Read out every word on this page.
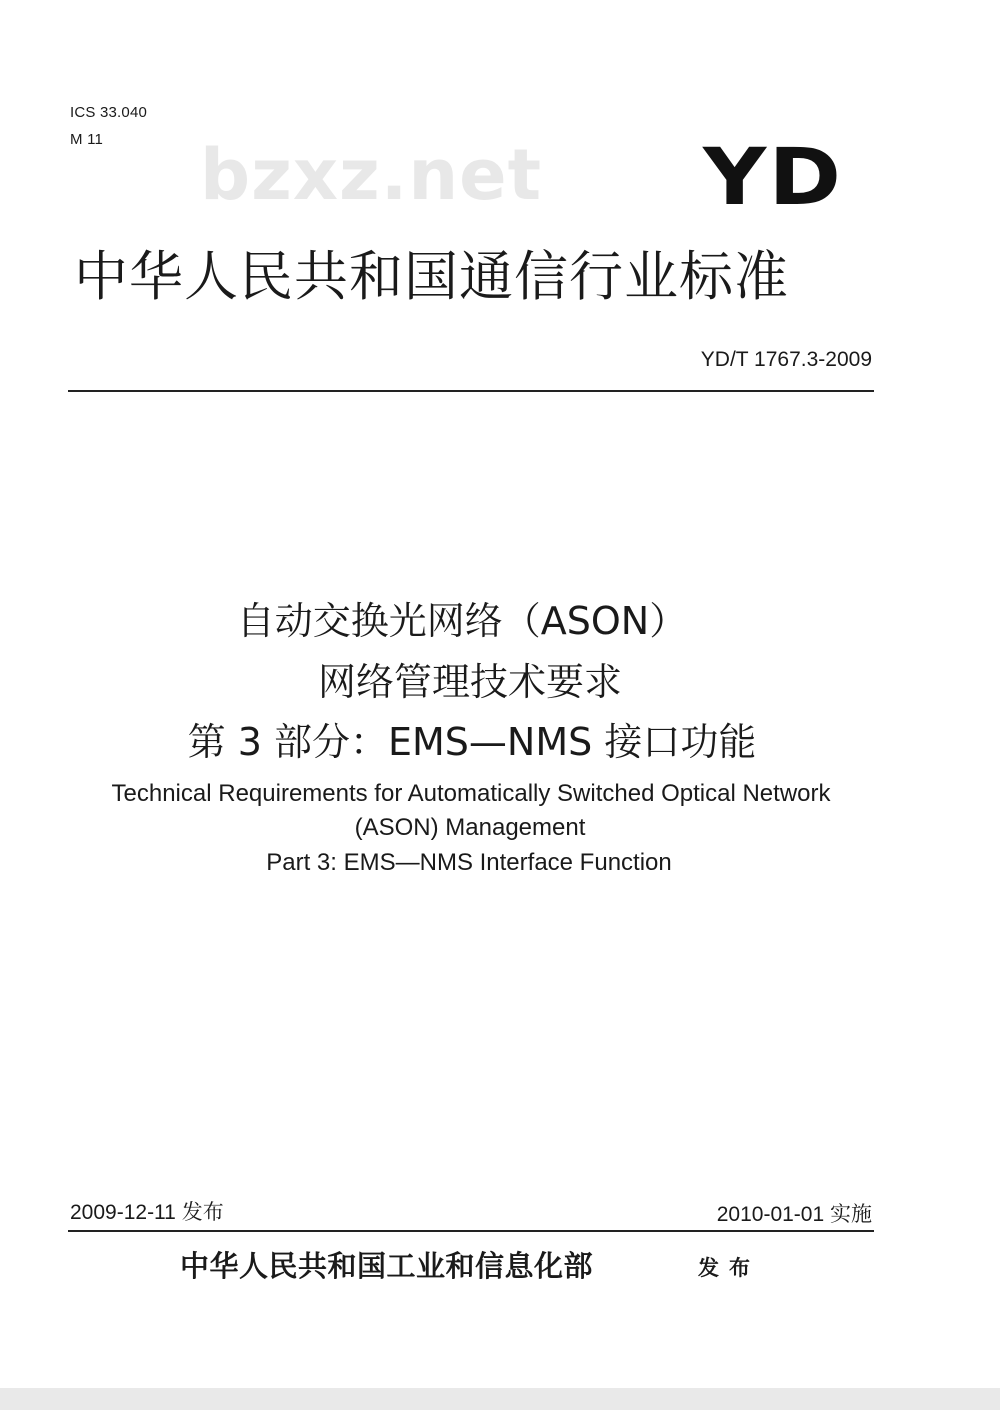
ICS 33.040
M 11 bzxz.net YD
中华人民共和国通信行业标准
YD/T 1767.3-2009
自动交换光网络（ASON）
网络管理技术要求
第 3 部分：EMS—NMS 接口功能
Technical Requirements for Automatically Switched Optical Network
(ASON) Management
Part 3: EMS—NMS Interface Function
2009-12-11 发布	2010-01-01 实施
中华人民共和国工业和信息化部	发布
